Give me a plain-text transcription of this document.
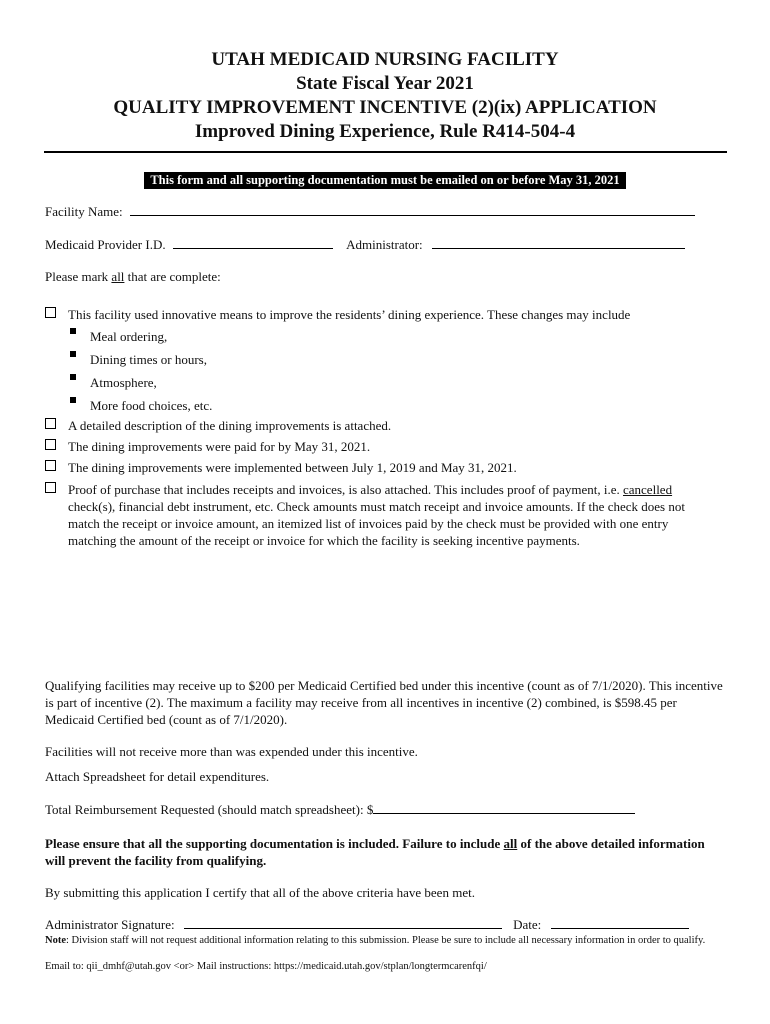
UTAH MEDICAID NURSING FACILITY
State Fiscal Year 2021
QUALITY IMPROVEMENT INCENTIVE (2)(ix) APPLICATION
Improved Dining Experience, Rule R414-504-4
This form and all supporting documentation must be emailed on or before May 31, 2021
Facility Name:
Medicaid Provider I.D.	Administrator:
Please mark all that are complete:
This facility used innovative means to improve the residents’ dining experience. These changes may include
Meal ordering,
Dining times or hours,
Atmosphere,
More food choices, etc.
A detailed description of the dining improvements is attached.
The dining improvements were paid for by May 31, 2021.
The dining improvements were implemented between July 1, 2019 and May 31, 2021.
Proof of purchase that includes receipts and invoices, is also attached. This includes proof of payment, i.e. cancelled check(s), financial debt instrument, etc. Check amounts must match receipt and invoice amounts. If the check does not match the receipt or invoice amount, an itemized list of invoices paid by the check must be provided with one entry matching the amount of the receipt or invoice for which the facility is seeking incentive payments.
Qualifying facilities may receive up to $200 per Medicaid Certified bed under this incentive (count as of 7/1/2020). This incentive is part of incentive (2). The maximum a facility may receive from all incentives in incentive (2) combined, is $598.45 per Medicaid Certified bed (count as of 7/1/2020).
Facilities will not receive more than was expended under this incentive.
Attach Spreadsheet for detail expenditures.
Total Reimbursement Requested (should match spreadsheet): $
Please ensure that all the supporting documentation is included. Failure to include all of the above detailed information will prevent the facility from qualifying.
By submitting this application I certify that all of the above criteria have been met.
Administrator Signature:	Date:
Note: Division staff will not request additional information relating to this submission. Please be sure to include all necessary information in order to qualify.
Email to: qii_dmhf@utah.gov <or> Mail instructions: https://medicaid.utah.gov/stplan/longtermcarenfqi/
